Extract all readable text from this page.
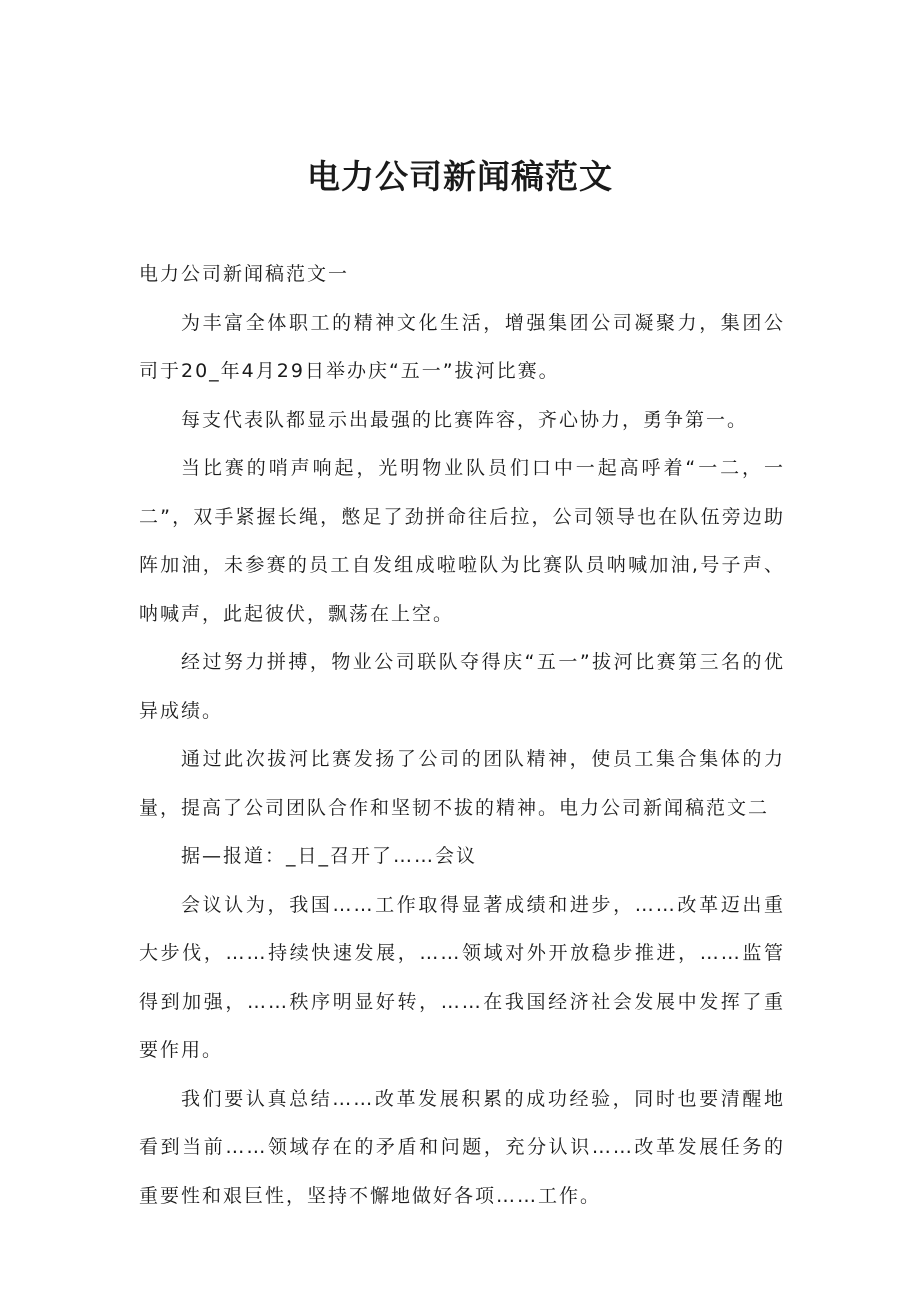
电力公司新闻稿范文

电力公司新闻稿范文一

为丰富全体职工的精神文化生活，增强集团公司凝聚力，集团公司于20_年4月29日举办庆“五一”拔河比赛。

每支代表队都显示出最强的比赛阵容，齐心协力，勇争第一。

当比赛的哨声响起，光明物业队员们口中一起高呼着“一二，一二”，双手紧握长绳，憋足了劲拼命往后拉，公司领导也在队伍旁边助阵加油，未参赛的员工自发组成啦啦队为比赛队员呐喊加油,号子声、呐喊声，此起彼伏，飘荡在上空。

经过努力拼搏，物业公司联队夺得庆“五一”拔河比赛第三名的优异成绩。

通过此次拔河比赛发扬了公司的团队精神，使员工集合集体的力量，提高了公司团队合作和坚韧不拔的精神。电力公司新闻稿范文二

据—报道：_日_召开了……会议

会议认为，我国……工作取得显著成绩和进步，……改革迈出重大步伐，……持续快速发展，……领域对外开放稳步推进，……监管得到加强，……秩序明显好转，……在我国经济社会发展中发挥了重要作用。

我们要认真总结……改革发展积累的成功经验，同时也要清醒地看到当前……领域存在的矛盾和问题，充分认识……改革发展任务的重要性和艰巨性，坚持不懈地做好各项……工作。
